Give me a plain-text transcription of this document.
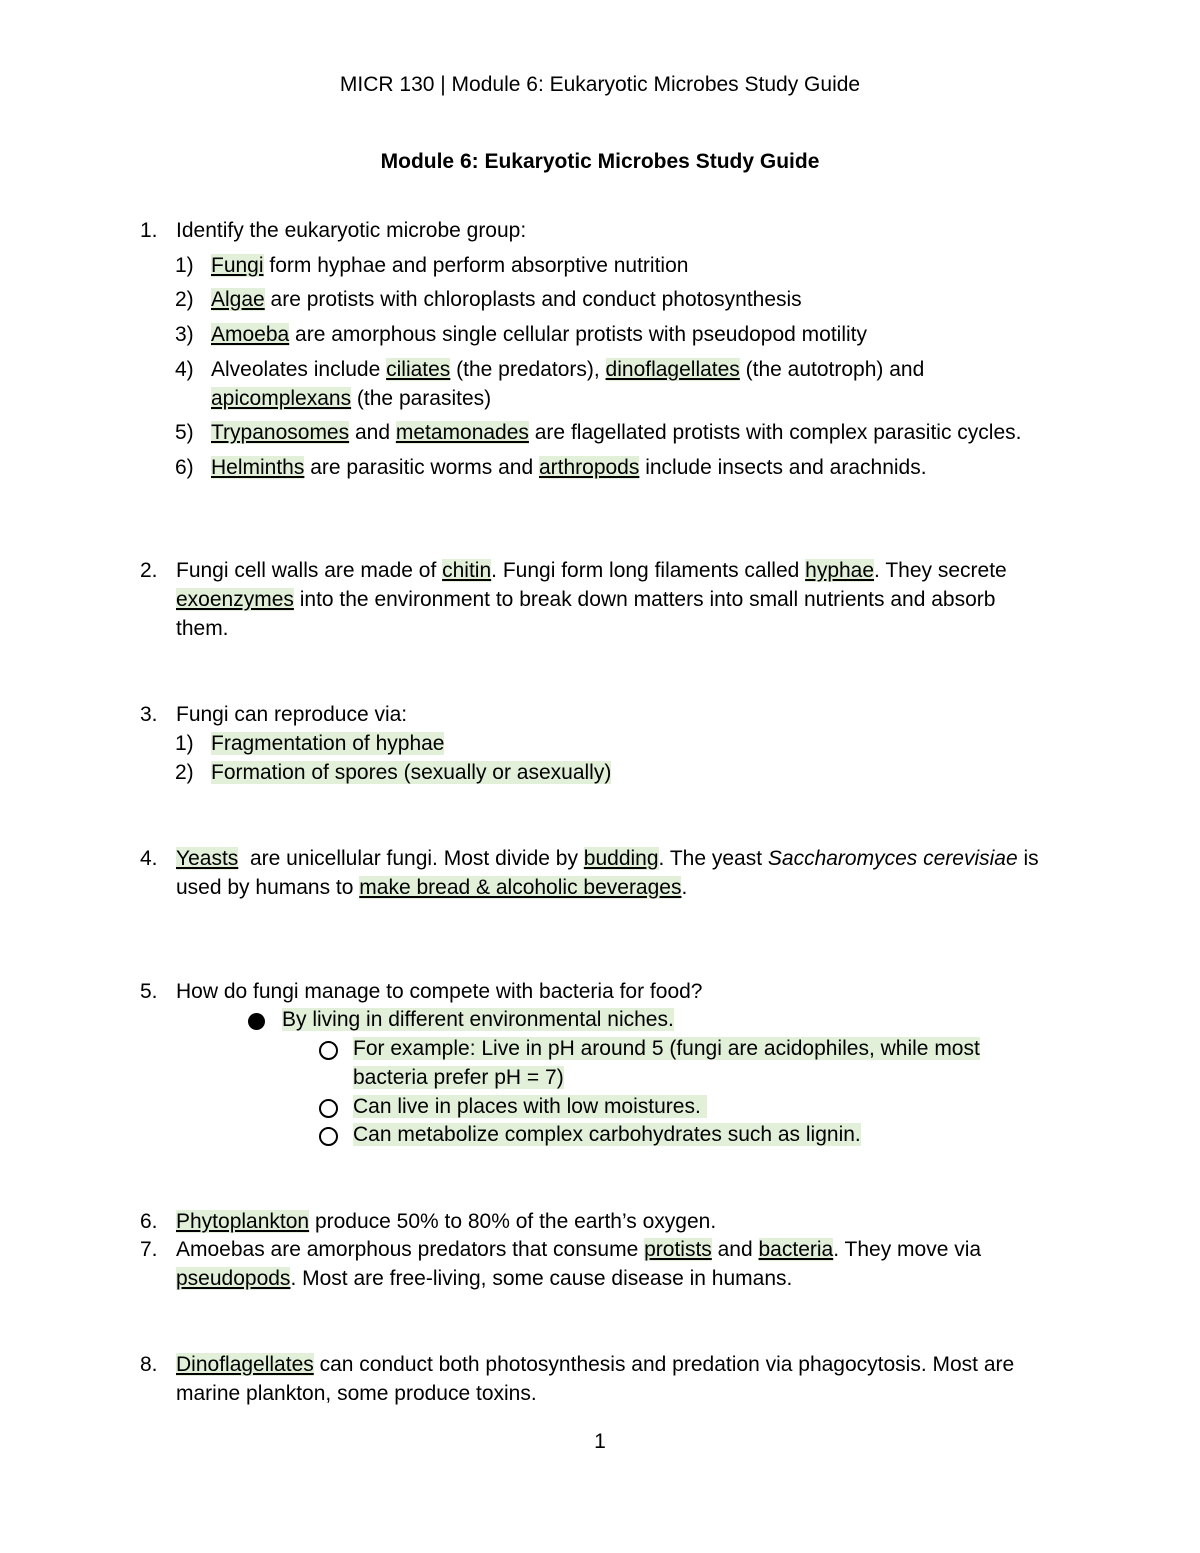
MICR 130 | Module 6: Eukaryotic Microbes Study Guide
Module 6: Eukaryotic Microbes Study Guide
1. Identify the eukaryotic microbe group:
1) Fungi form hyphae and perform absorptive nutrition
2) Algae are protists with chloroplasts and conduct photosynthesis
3) Amoeba are amorphous single cellular protists with pseudopod motility
4) Alveolates include ciliates (the predators), dinoflagellates (the autotroph) and
apicomplexans (the parasites)
5) Trypanosomes and metamonades are flagellated protists with complex parasitic cycles.
6) Helminths are parasitic worms and arthropods include insects and arachnids.
2. Fungi cell walls are made of chitin. Fungi form long filaments called hyphae. They secrete
exoenzymes into the environment to break down matters into small nutrients and absorb
them.
3. Fungi can reproduce via:
1) Fragmentation of hyphae
2) Formation of spores (sexually or asexually)
4. Yeasts  are unicellular fungi. Most divide by budding. The yeast Saccharomyces cerevisiae is
used by humans to make bread & alcoholic beverages.
5. How do fungi manage to compete with bacteria for food?
By living in different environmental niches.
For example: Live in pH around 5 (fungi are acidophiles, while most
bacteria prefer pH = 7)
Can live in places with low moistures.
Can metabolize complex carbohydrates such as lignin.
6. Phytoplankton produce 50% to 80% of the earth’s oxygen.
7. Amoebas are amorphous predators that consume protists and bacteria. They move via
pseudopods. Most are free-living, some cause disease in humans.
8. Dinoflagellates can conduct both photosynthesis and predation via phagocytosis. Most are
marine plankton, some produce toxins.
1
